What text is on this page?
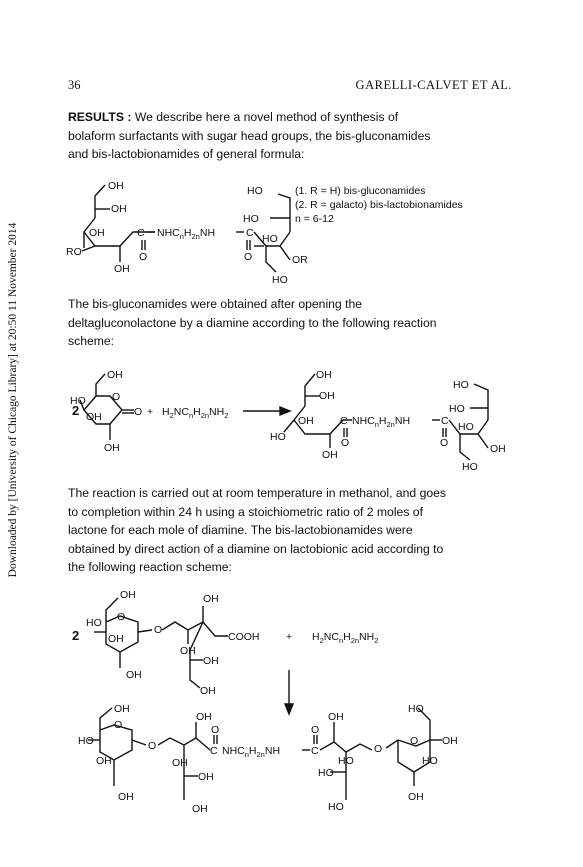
Downloaded by [University of Chicago Library] at 20:50 11 November 2014
36	GARELLI-CALVET ET AL.
RESULTS : We describe here a novel method of synthesis of
bolaform surfactants with sugar head groups, the bis-gluconamides
and bis-lactobionamides of general formula:
OH
OH
OH
RO
OH
C
O
$NHC_nH_{2n}NH$	C
O
HO
HO
HO
OR
HO
(1. R = H) bis-gluconamides
(2. R = galacto) bis-lactobionamides
n = 6-12
The bis-gluconamides were obtained after opening the
deltagluconolactone by a diamine according to the following reaction
scheme:
2
OH
O
HO
OH	O
OH
+ $H_2NC_nH_{2n}NH_2$
OH
OH
OH
HO
OH
C
O
$NHC_nH_{2n}NH$	C
O
HO
HO
HO
OH
HO
The reaction is carried out at room temperature in methanol, and goes
to completion within 24 h using a stoichiometric ratio of 2 moles of
lactone for each mole of diamine. The bis-lactobionamides were
obtained by direct action of a diamine on lactobionic acid according to
the following reaction scheme:
2
OH
HO O
OH
OH
O
OH
OH
COOH
OH
OH
+ $H_2NC_nH_{2n}NH_2$
OH
HO
O
OH
OH
O
OH
OH
OH
OH
C
O
$NHC_nH_{2n}NH$	C
O
OH
HO
HO
HO
O
HO
O OH
HO
OH
